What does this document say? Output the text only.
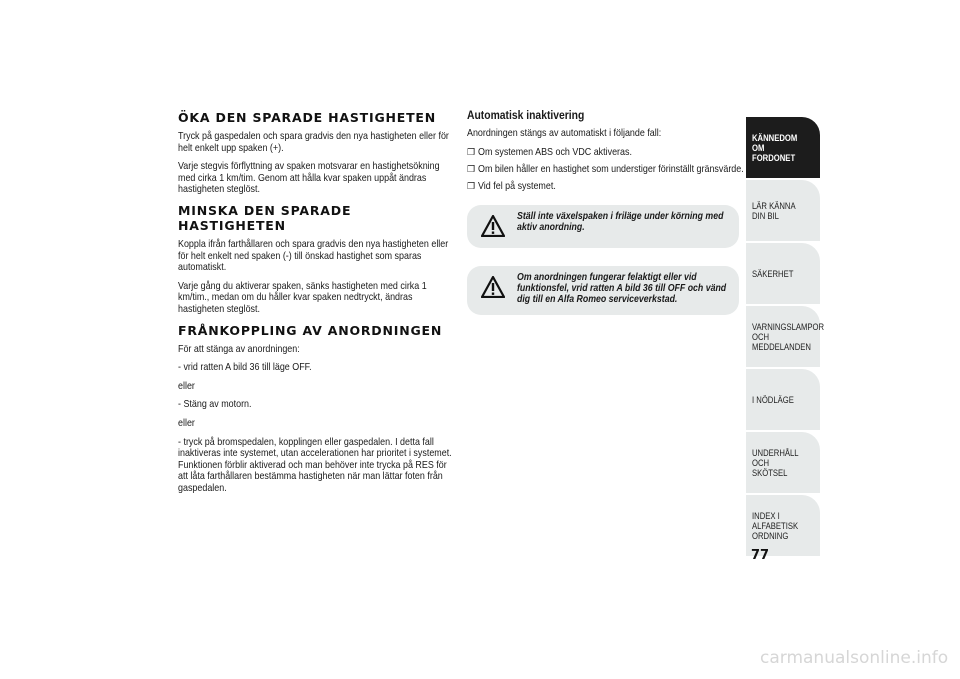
ÖKA DEN SPARADE HASTIGHETEN

Tryck på gaspedalen och spara gradvis den nya hastigheten eller för helt enkelt upp spaken (+).

Varje stegvis förflyttning av spaken motsvarar en hastighetsökning med cirka 1 km/tim. Genom att hålla kvar spaken uppåt ändras hastigheten steglöst.

MINSKA DEN SPARADE HASTIGHETEN

Koppla ifrån farthållaren och spara gradvis den nya hastigheten eller för helt enkelt ned spaken (-) till önskad hastighet som sparas automatiskt.

Varje gång du aktiverar spaken, sänks hastigheten med cirka 1 km/tim., medan om du håller kvar spaken nedtryckt, ändras hastigheten steglöst.

FRÅNKOPPLING AV ANORDNINGEN

För att stänga av anordningen:

- vrid ratten A bild 36 till läge OFF.

eller

- Stäng av motorn.

eller

- tryck på bromspedalen, kopplingen eller gaspedalen. I detta fall inaktiveras inte systemet, utan accelerationen har prioritet i systemet. Funktionen förblir aktiverad och man behöver inte trycka på RES för att låta farthållaren bestämma hastigheten när man lättar foten från gaspedalen.

Automatisk inaktivering

Anordningen stängs av automatiskt i följande fall:

❒ Om systemen ABS och VDC aktiveras.
❒ Om bilen håller en hastighet som understiger förinställt gränsvärde.
❒ Vid fel på systemet.
Ställ inte växelspaken i friläge under körning med aktiv anordning.
Om anordningen fungerar felaktigt eller vid funktionsfel, vrid ratten A bild 36 till OFF och vänd dig till en Alfa Romeo serviceverkstad.
KÄNNEDOM OM
FORDONET
LÄR KÄNNA DIN BIL
SÄKERHET
VARNINGSLAMPOR
OCH MEDDELANDEN
I NÖDLÄGE
UNDERHÅLL OCH
SKÖTSEL
INDEX I ALFABETISK
ORDNING
77
carmanualsonline.info
